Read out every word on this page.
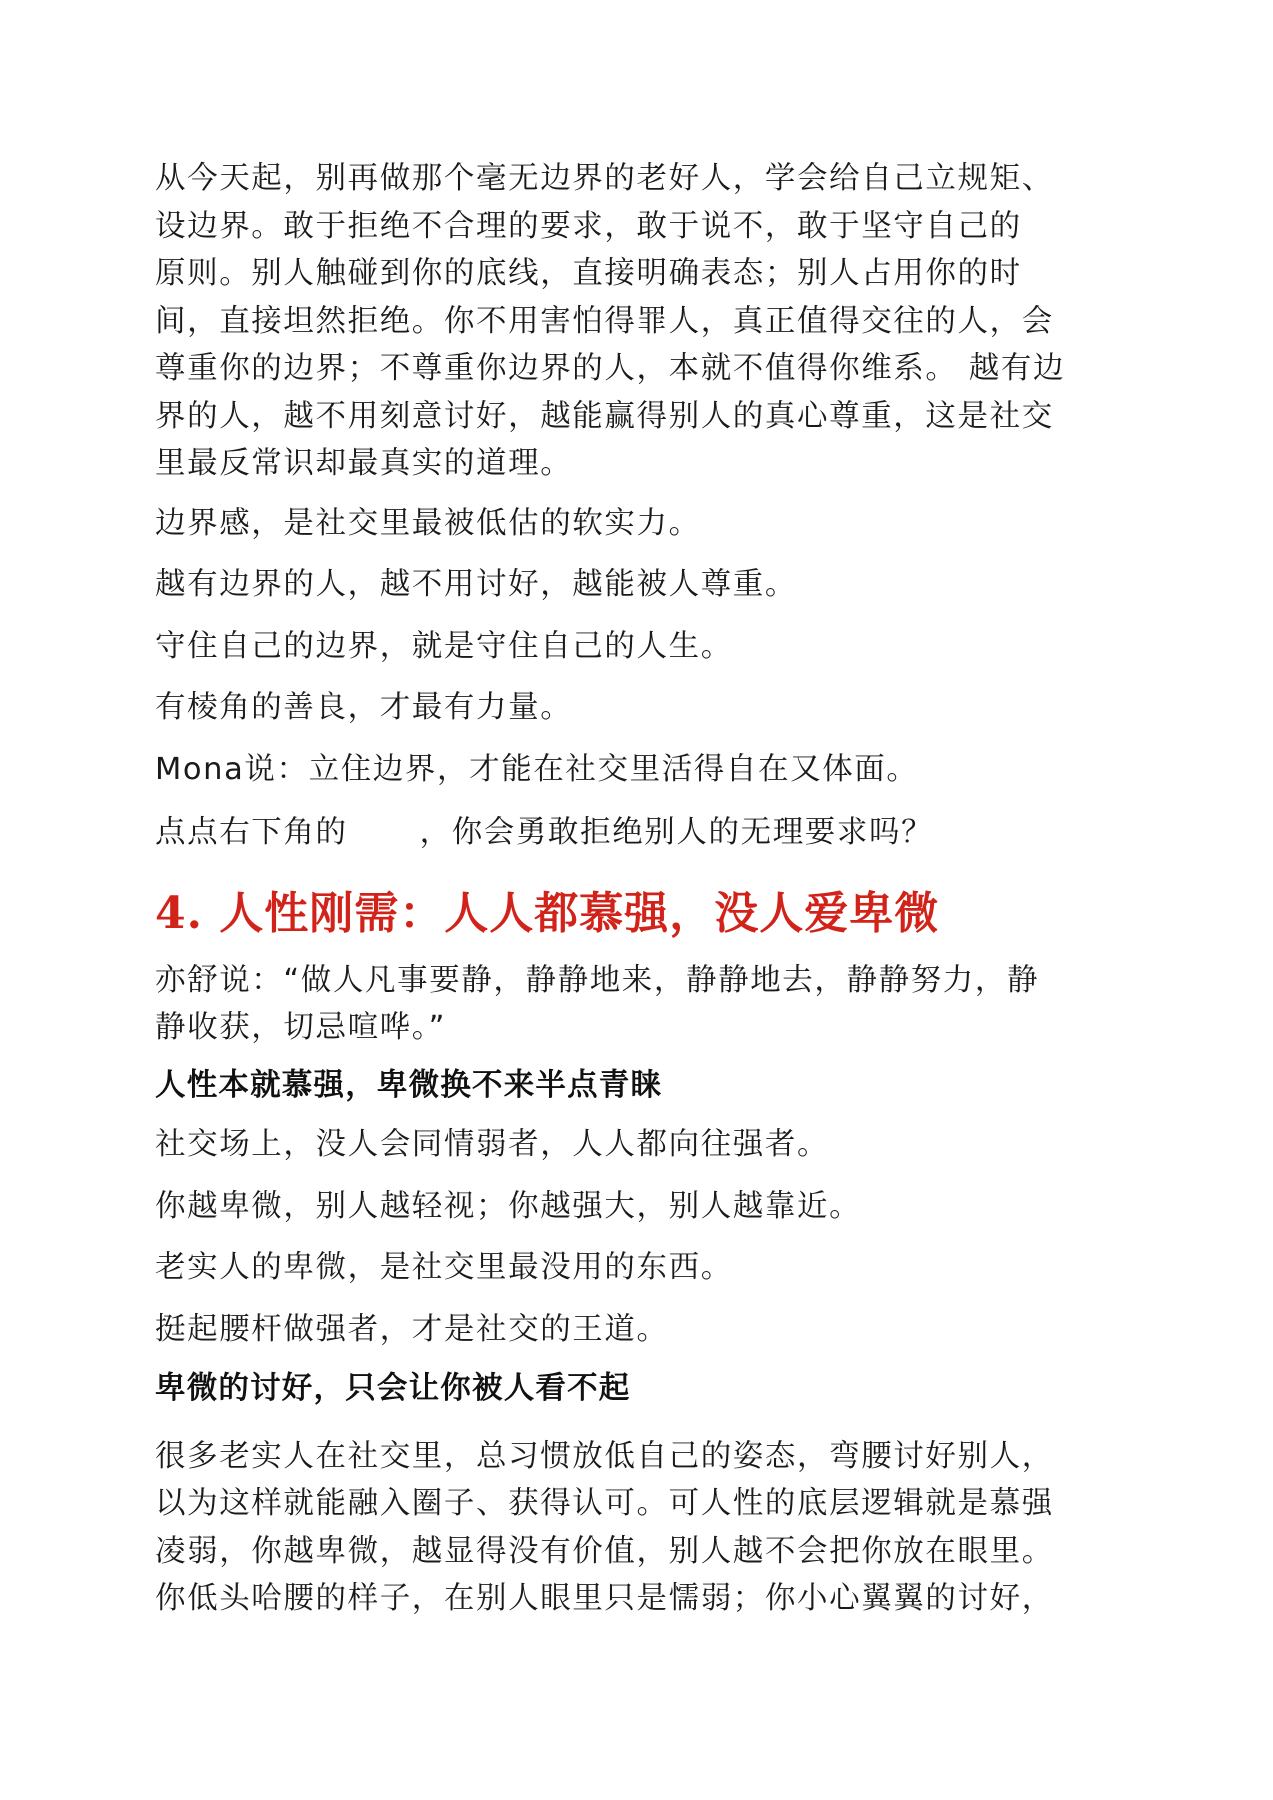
从今天起，别再做那个毫无边界的老好人，学会给自己立规矩、
设边界。敢于拒绝不合理的要求，敢于说不，敢于坚守自己的
原则。别人触碰到你的底线，直接明确表态；别人占用你的时
间，直接坦然拒绝。你不用害怕得罪人，真正值得交往的人，会
尊重你的边界；不尊重你边界的人，本就不值得你维系。 越有边
界的人，越不用刻意讨好，越能赢得别人的真心尊重，这是社交
里最反常识却最真实的道理。

边界感，是社交里最被低估的软实力。

越有边界的人，越不用讨好，越能被人尊重。

守住自己的边界，就是守住自己的人生。

有棱角的善良，才最有力量。

Mona说：立住边界，才能在社交里活得自在又体面。

点点右下角的 ，你会勇敢拒绝别人的无理要求吗？

4. 人性刚需：人人都慕强，没人爱卑微

亦舒说：“做人凡事要静，静静地来，静静地去，静静努力，静
静收获，切忌喧哗。”

人性本就慕强，卑微换不来半点青睐

社交场上，没人会同情弱者，人人都向往强者。

你越卑微，别人越轻视；你越强大，别人越靠近。

老实人的卑微，是社交里最没用的东西。

挺起腰杆做强者，才是社交的王道。

卑微的讨好，只会让你被人看不起

很多老实人在社交里，总习惯放低自己的姿态，弯腰讨好别人，
以为这样就能融入圈子、获得认可。可人性的底层逻辑就是慕强
凌弱，你越卑微，越显得没有价值，别人越不会把你放在眼里。
你低头哈腰的样子，在别人眼里只是懦弱；你小心翼翼的讨好，
